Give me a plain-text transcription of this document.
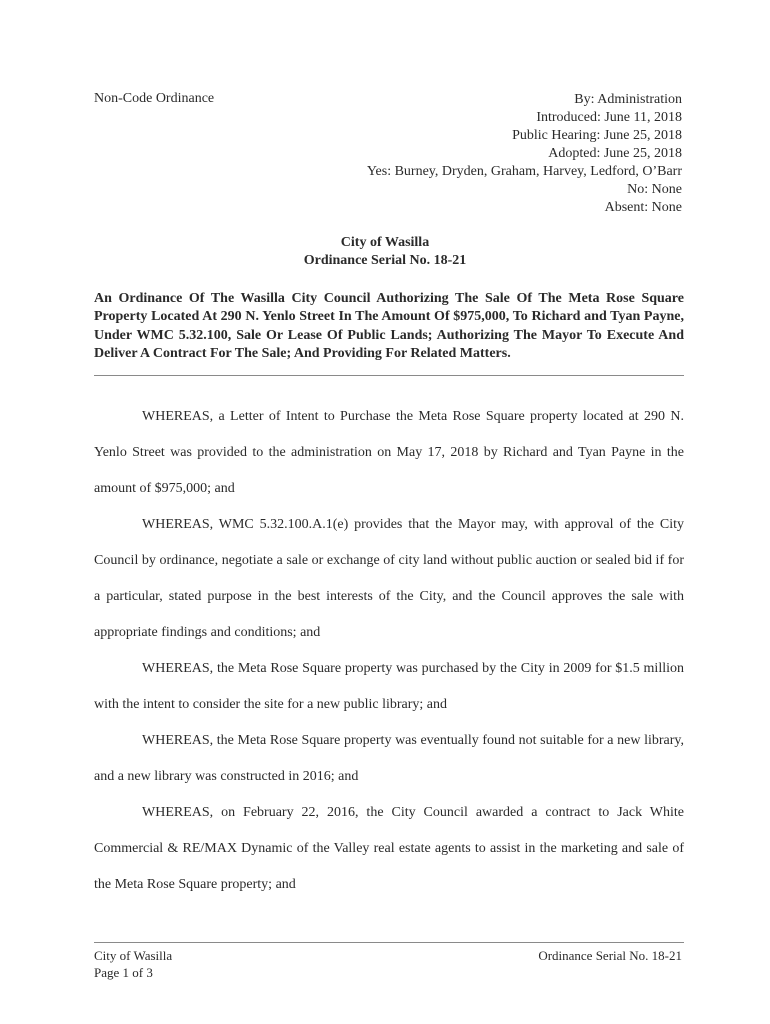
Non-Code Ordinance	By: Administration
Introduced: June 11, 2018
Public Hearing: June 25, 2018
Adopted: June 25, 2018
Yes: Burney, Dryden, Graham, Harvey, Ledford, O’Barr
No: None
Absent: None
City of Wasilla
Ordinance Serial No. 18-21
An Ordinance Of The Wasilla City Council Authorizing The Sale Of The Meta Rose Square Property Located At 290 N. Yenlo Street In The Amount Of $975,000, To Richard and Tyan Payne, Under WMC 5.32.100, Sale Or Lease Of Public Lands; Authorizing The Mayor To Execute And Deliver A Contract For The Sale; And Providing For Related Matters.

WHEREAS, a Letter of Intent to Purchase the Meta Rose Square property located at 290 N. Yenlo Street was provided to the administration on May 17, 2018 by Richard and Tyan Payne in the amount of $975,000; and

WHEREAS, WMC 5.32.100.A.1(e) provides that the Mayor may, with approval of the City Council by ordinance, negotiate a sale or exchange of city land without public auction or sealed bid if for a particular, stated purpose in the best interests of the City, and the Council approves the sale with appropriate findings and conditions; and

WHEREAS, the Meta Rose Square property was purchased by the City in 2009 for $1.5 million with the intent to consider the site for a new public library; and

WHEREAS, the Meta Rose Square property was eventually found not suitable for a new library, and a new library was constructed in 2016; and

WHEREAS, on February 22, 2016, the City Council awarded a contract to Jack White Commercial & RE/MAX Dynamic of the Valley real estate agents to assist in the marketing and sale of the Meta Rose Square property; and

City of Wasilla
Page 1 of 3
Ordinance Serial No. 18-21
